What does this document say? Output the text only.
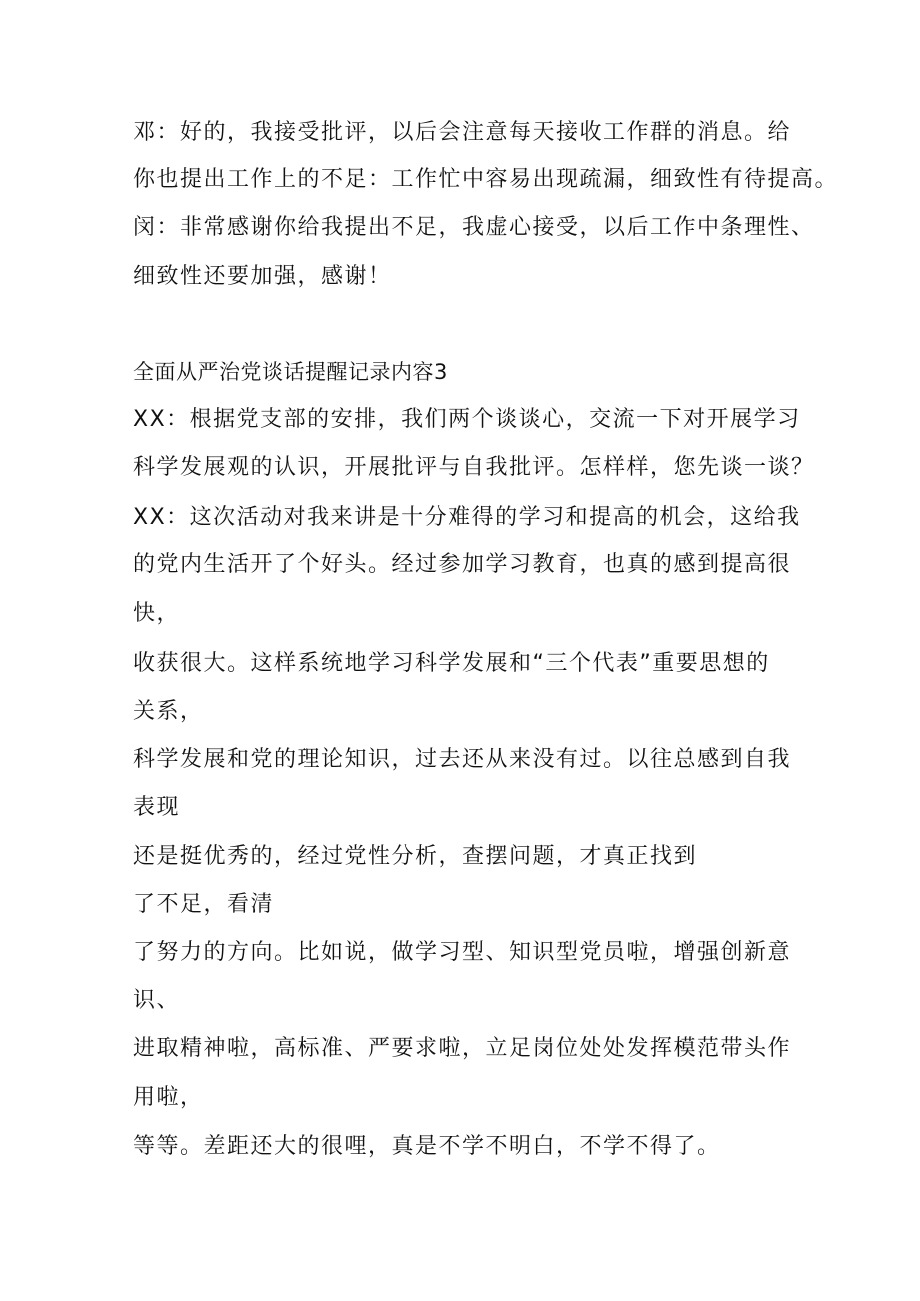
邓：好的，我接受批评，以后会注意每天接收工作群的消息。给
你也提出工作上的不足：工作忙中容易出现疏漏，细致性有待提高。
闵：非常感谢你给我提出不足，我虚心接受，以后工作中条理性、
细致性还要加强，感谢！
全面从严治党谈话提醒记录内容3
XX：根据党支部的安排，我们两个谈谈心，交流一下对开展学习
科学发展观的认识，开展批评与自我批评。怎样样，您先谈一谈？
XX：这次活动对我来讲是十分难得的学习和提高的机会，这给我
的党内生活开了个好头。经过参加学习教育，也真的感到提高很
快，
收获很大。这样系统地学习科学发展和“三个代表”重要思想的
关系，
科学发展和党的理论知识，过去还从来没有过。以往总感到自我
表现
还是挺优秀的，经过党性分析，查摆问题，才真正找到
了不足，看清
了努力的方向。比如说，做学习型、知识型党员啦，增强创新意
识、
进取精神啦，高标准、严要求啦，立足岗位处处发挥模范带头作
用啦，
等等。差距还大的很哩，真是不学不明白，不学不得了。
